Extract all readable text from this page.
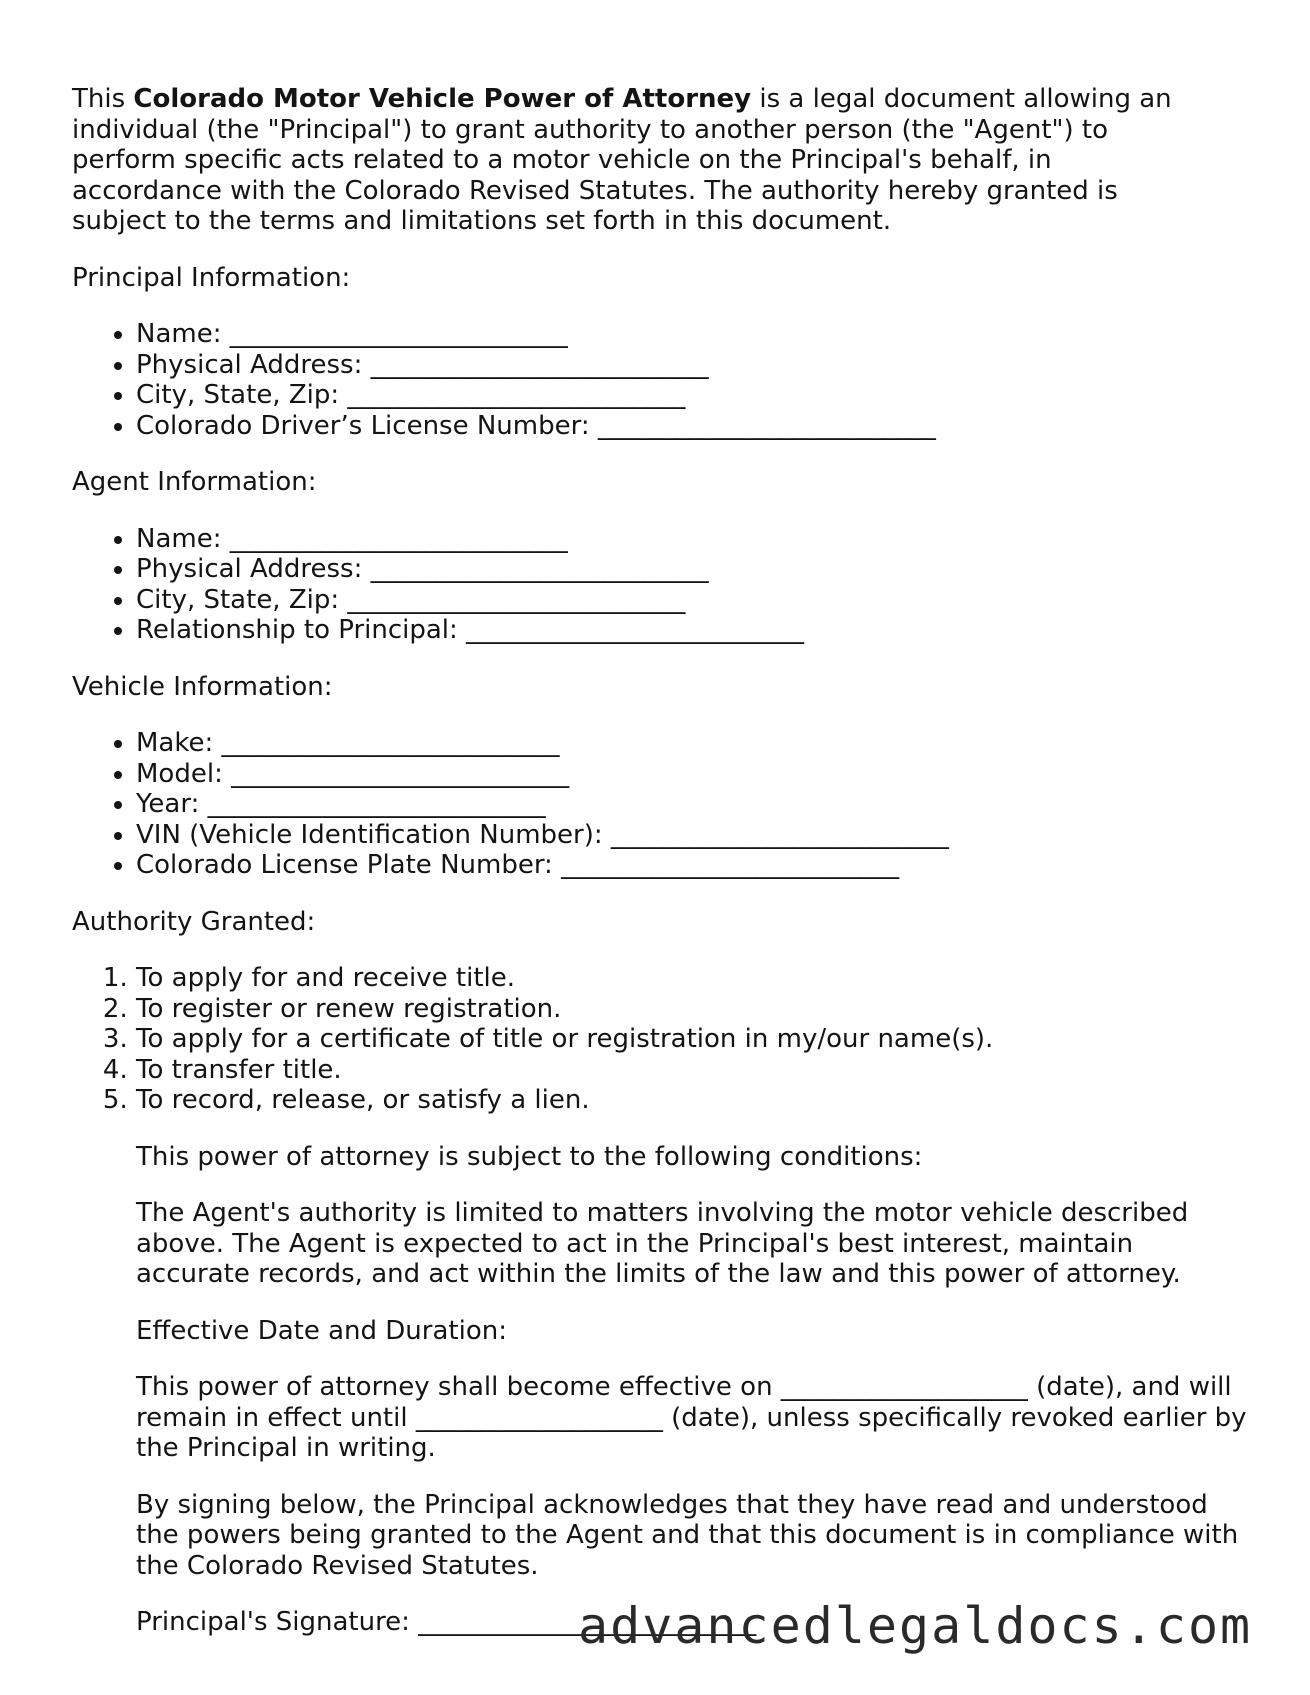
This Colorado Motor Vehicle Power of Attorney is a legal document allowing an individual (the "Principal") to grant authority to another person (the "Agent") to perform specific acts related to a motor vehicle on the Principal's behalf, in accordance with the Colorado Revised Statutes. The authority hereby granted is subject to the terms and limitations set forth in this document.

Principal Information:

• Name: __________________________
• Physical Address: __________________________
• City, State, Zip: __________________________
• Colorado Driver’s License Number: __________________________

Agent Information:

• Name: __________________________
• Physical Address: __________________________
• City, State, Zip: __________________________
• Relationship to Principal: __________________________

Vehicle Information:

• Make: __________________________
• Model: __________________________
• Year: __________________________
• VIN (Vehicle Identification Number): __________________________
• Colorado License Plate Number: __________________________

Authority Granted:

1. To apply for and receive title.
2. To register or renew registration.
3. To apply for a certificate of title or registration in my/our name(s).
4. To transfer title.
5. To record, release, or satisfy a lien.

This power of attorney is subject to the following conditions:

The Agent's authority is limited to matters involving the motor vehicle described above. The Agent is expected to act in the Principal's best interest, maintain accurate records, and act within the limits of the law and this power of attorney.

Effective Date and Duration:

This power of attorney shall become effective on ___________________ (date), and will remain in effect until ___________________ (date), unless specifically revoked earlier by the Principal in writing.

By signing below, the Principal acknowledges that they have read and understood the powers being granted to the Agent and that this document is in compliance with the Colorado Revised Statutes.

Principal's Signature: __________________________

advancedlegaldocs.com
